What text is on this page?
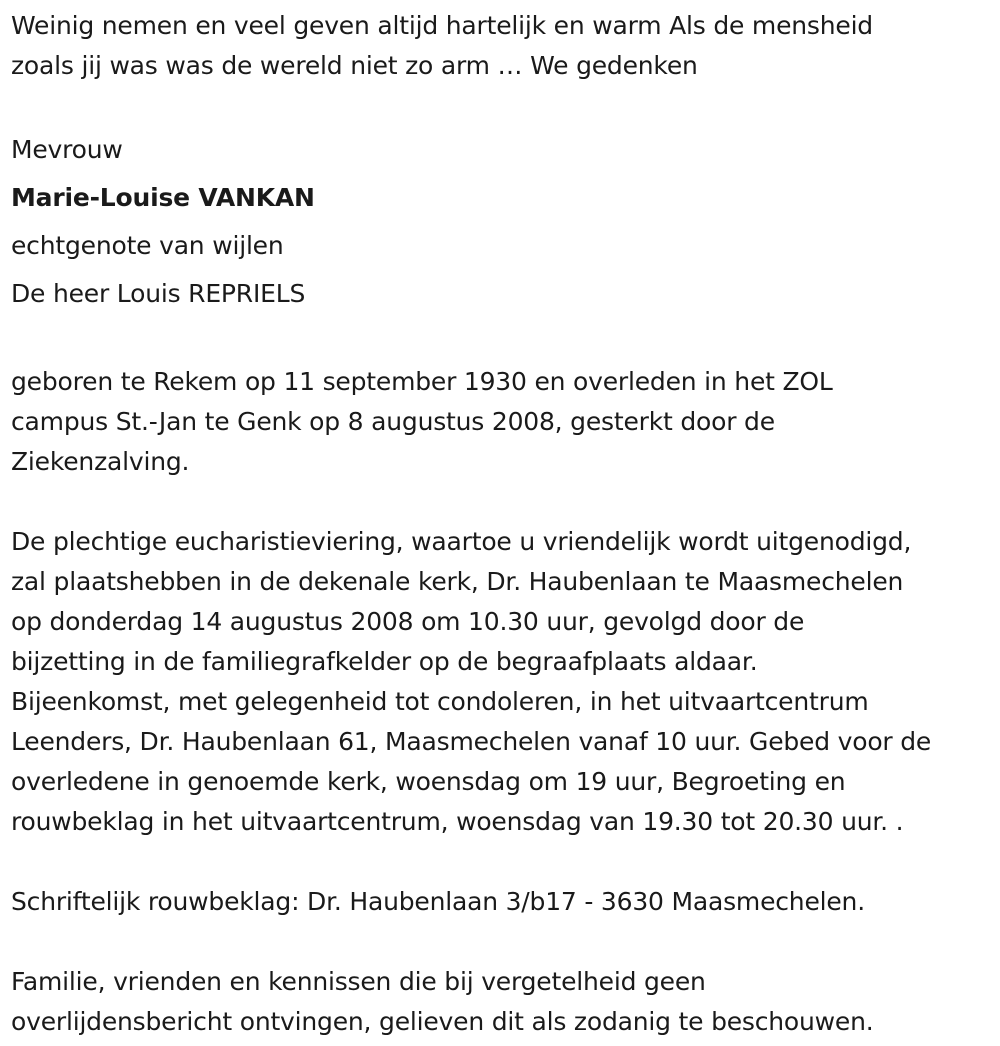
Weinig nemen en veel geven altijd hartelijk en warm Als de mensheid
zoals jij was was de wereld niet zo arm … We gedenken

Mevrouw

Marie-Louise VANKAN

echtgenote van wijlen

De heer Louis REPRIELS

geboren te Rekem op 11 september 1930 en overleden in het ZOL
campus St.-Jan te Genk op 8 augustus 2008, gesterkt door de
Ziekenzalving.

De plechtige eucharistieviering, waartoe u vriendelijk wordt uitgenodigd,
zal plaatshebben in de dekenale kerk, Dr. Haubenlaan te Maasmechelen
op donderdag 14 augustus 2008 om 10.30 uur, gevolgd door de
bijzetting in de familiegrafkelder op de begraafplaats aldaar.
Bijeenkomst, met gelegenheid tot condoleren, in het uitvaartcentrum
Leenders, Dr. Haubenlaan 61, Maasmechelen vanaf 10 uur. Gebed voor de
overledene in genoemde kerk, woensdag om 19 uur, Begroeting en
rouwbeklag in het uitvaartcentrum, woensdag van 19.30 tot 20.30 uur. .

Schriftelijk rouwbeklag: Dr. Haubenlaan 3/b17 - 3630 Maasmechelen.

Familie, vrienden en kennissen die bij vergetelheid geen
overlijdensbericht ontvingen, gelieven dit als zodanig te beschouwen.
